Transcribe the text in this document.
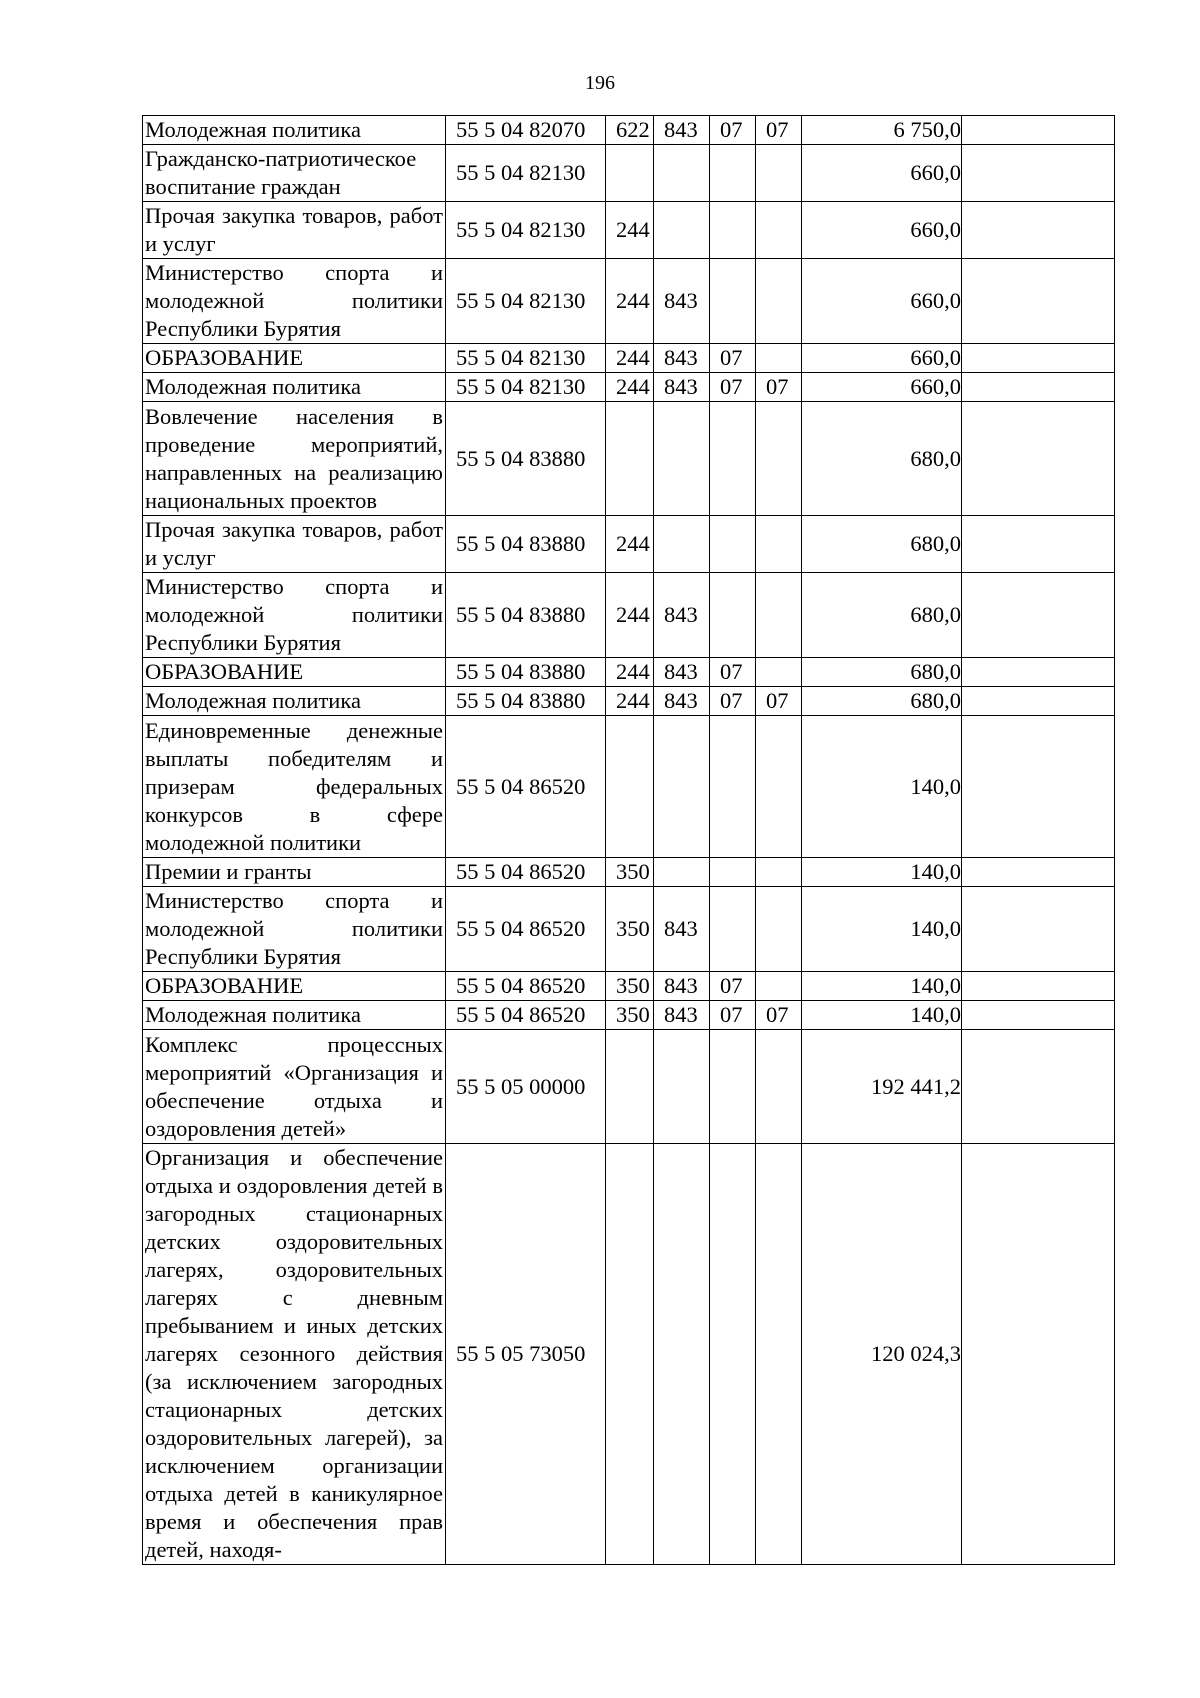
196
Молодежная политика	55 5 04 82070	622	843	07	07	6 750,0	
Гражданско-патриотическое воспитание граждан	55 5 04 82130					660,0	
Прочая закупка товаров, работ и услуг	55 5 04 82130	244				660,0	
Министерство спорта и молодежной политики Республики Бурятия	55 5 04 82130	244	843			660,0	
ОБРАЗОВАНИЕ	55 5 04 82130	244	843	07		660,0	
Молодежная политика	55 5 04 82130	244	843	07	07	660,0	
Вовлечение населения в проведение мероприятий, направленных на реализацию национальных проектов	55 5 04 83880					680,0	
Прочая закупка товаров, работ и услуг	55 5 04 83880	244				680,0	
Министерство спорта и молодежной политики Республики Бурятия	55 5 04 83880	244	843			680,0	
ОБРАЗОВАНИЕ	55 5 04 83880	244	843	07		680,0	
Молодежная политика	55 5 04 83880	244	843	07	07	680,0	
Единовременные денежные выплаты победителям и призерам федеральных конкурсов в сфере молодежной политики	55 5 04 86520					140,0	
Премии и гранты	55 5 04 86520	350				140,0	
Министерство спорта и молодежной политики Республики Бурятия	55 5 04 86520	350	843			140,0	
ОБРАЗОВАНИЕ	55 5 04 86520	350	843	07		140,0	
Молодежная политика	55 5 04 86520	350	843	07	07	140,0	
Комплекс процессных мероприятий «Организация и обеспечение отдыха и оздоровления детей»	55 5 05 00000					192 441,2	
Организация и обеспечение отдыха и оздоровления детей в загородных стационарных детских оздоровительных лагерях, оздоровительных лагерях с дневным пребыванием и иных детских лагерях сезонного действия (за исключением загородных стационарных детских оздоровительных лагерей), за исключением организации отдыха детей в каникулярное время и обеспечения прав детей, находя-	55 5 05 73050					120 024,3	
